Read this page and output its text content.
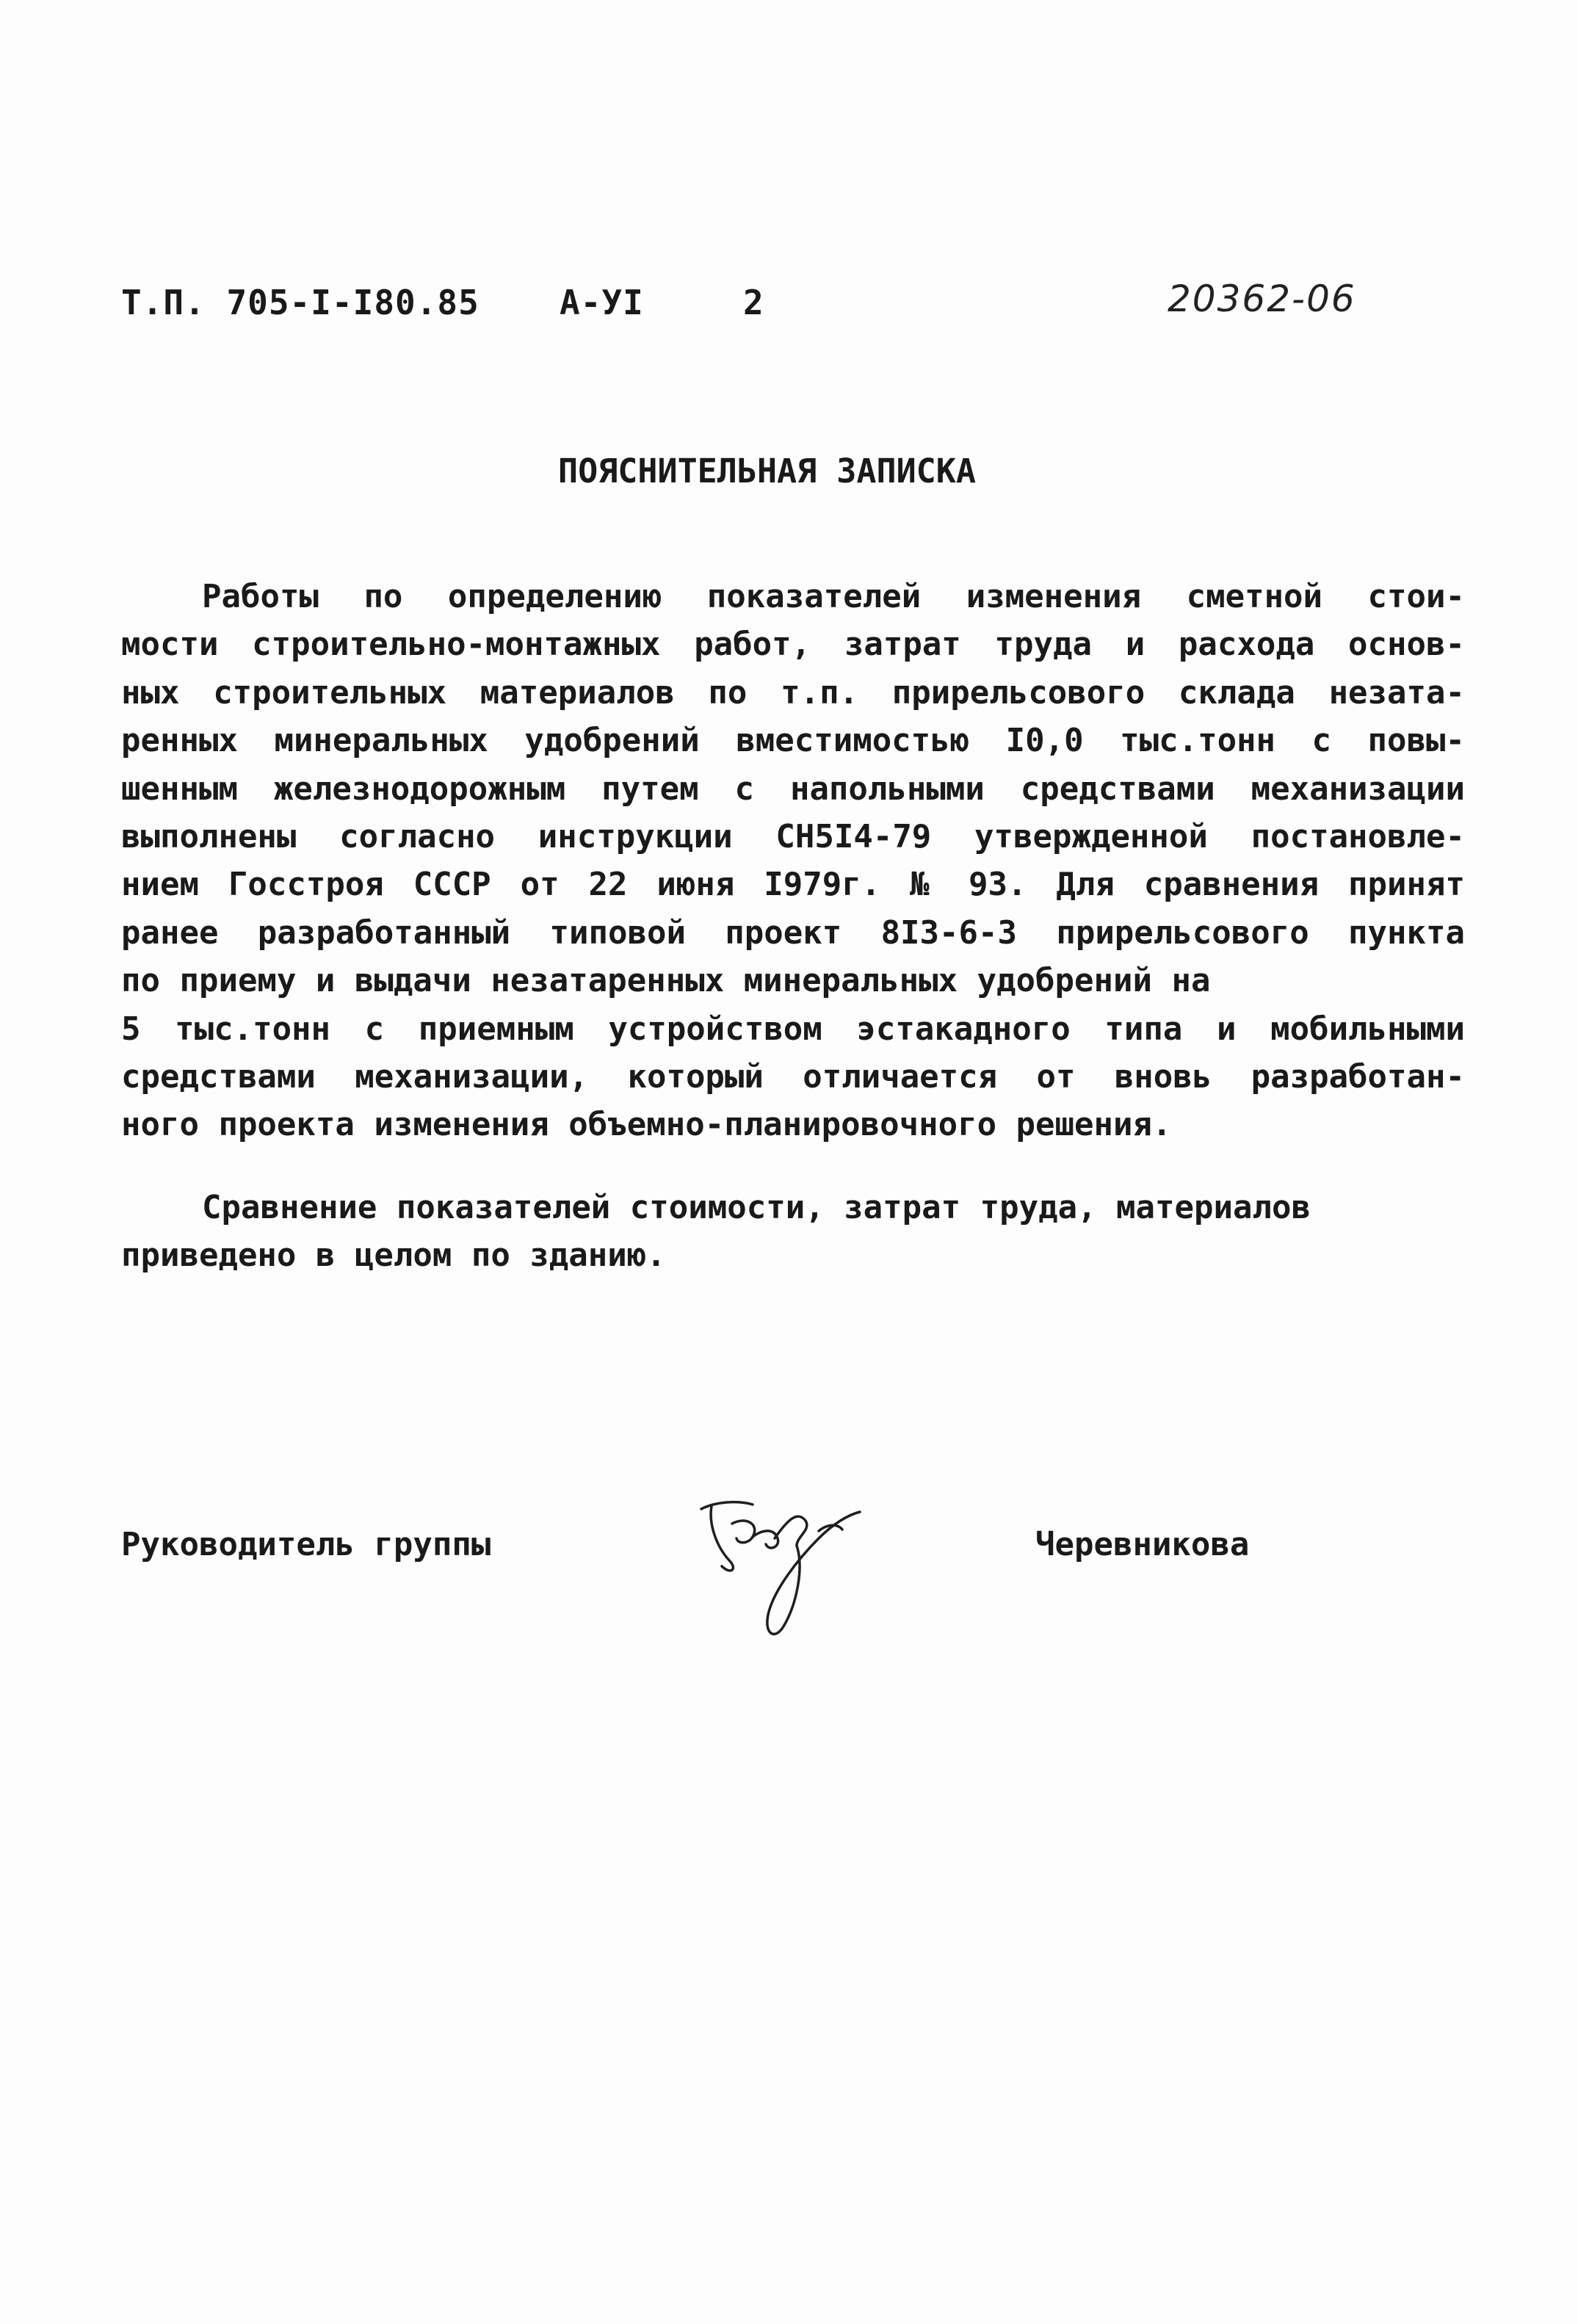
Т.П. 705-I-I80.85 А-УI	2	20362-06
ПОЯСНИТЕЛЬНАЯ ЗАПИСКА
Работы по определению показателей изменения сметной стои-
мости строительно-монтажных работ, затрат труда и расхода основ-
ных строительных материалов по т.п. прирельсового склада незата-
ренных минеральных удобрений вместимостью I0,0 тыс.тонн с повы-
шенным железнодорожным путем с напольными средствами механизации
выполнены согласно инструкции СН5I4-79 утвержденной постановле-
нием Госстроя СССР от 22 июня I979г. № 93. Для сравнения принят
ранее разработанный типовой проект 8I3-6-3 прирельсового пункта
по приему и выдачи незатаренных минеральных удобрений на
5 тыс.тонн с приемным устройством эстакадного типа и мобильными
средствами механизации, который отличается от вновь разработан-
ного проекта изменения объемно-планировочного решения.
Сравнение показателей стоимости, затрат труда, материалов
приведено в целом по зданию.
Руководитель группы	Черевникова
